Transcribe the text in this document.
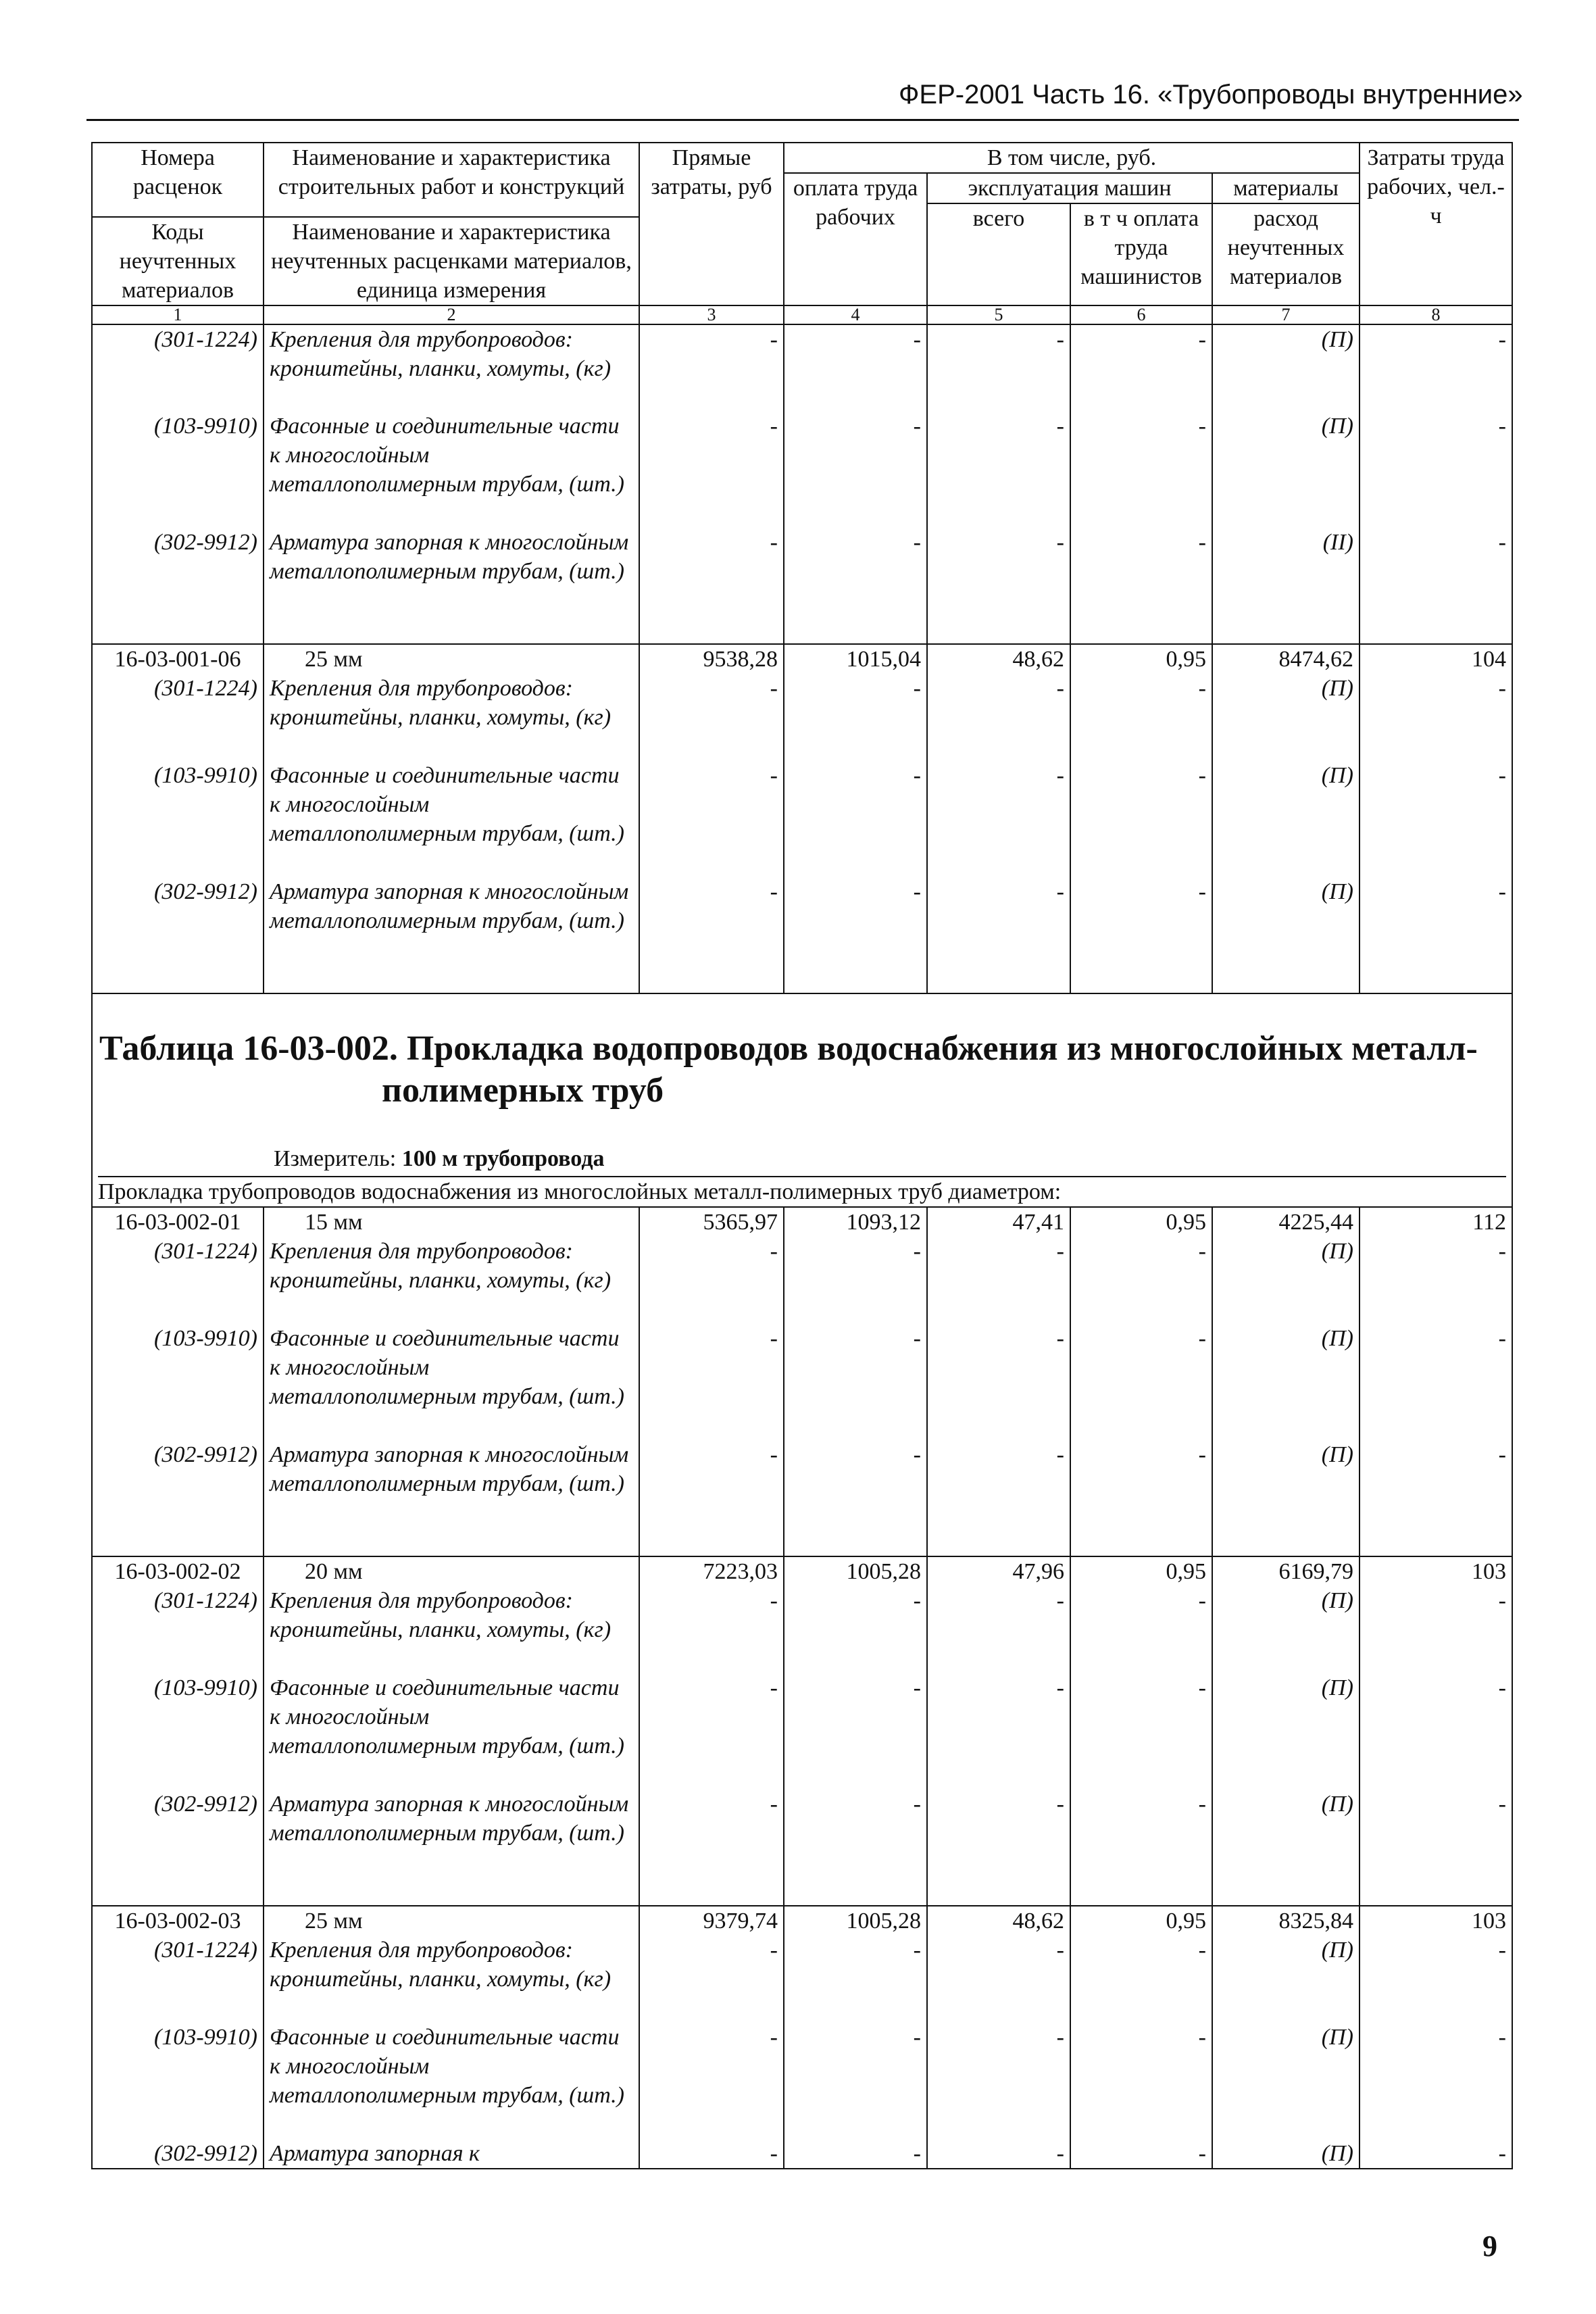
ФЕР-2001 Часть 16. «Трубопроводы внутренние»
Номера расценок	Наименование и характеристика строительных работ и конструкций	Прямые затраты, руб	В том числе, руб.				Затраты труда рабочих, чел.-ч
			оплата труда рабочих	эксплуатация машин		материалы	
				всего	в т ч оплата труда машинистов	расход неучтенных материалов	
Коды неучтенных материалов	Наименование и характеристика неучтенных расценками материалов, единица измерения						

1	2	3	4	5	6	7	8
(301-1224)	Крепления для трубопроводов: кронштейны, планки, хомуты, (кг)	-	-	-	-	(П)	-
(103-9910)	Фасонные и соединительные части к многослойным металлополимерным трубам, (шт.)	-	-	-	-	(П)	-
(302-9912)	Арматура запорная к многослойным металлополимерным трубам, (шт.)	-	-	-	-	(II)	-
16-03-001-06	25 мм	9538,28	1015,04	48,62	0,95	8474,62	104
(301-1224)	Крепления для трубопроводов: кронштейны, планки, хомуты, (кг)	-	-	-	-	(П)	-
(103-9910)	Фасонные и соединительные части к многослойным металлополимерным трубам, (шт.)	-	-	-	-	(П)	-
(302-9912)	Арматура запорная к многослойным металлополимерным трубам, (шт.)	-	-	-	-	(П)	-

Таблица 16-03-002. Прокладка водопроводов водоснабжения из многослойных металл-
полимерных труб
Измеритель: 100 м трубопровода							

Прокладка трубопроводов водоснабжения из многослойных металл-полимерных труб диаметром:							
16-03-002-01	15 мм	5365,97	1093,12	47,41	0,95	4225,44	112
(301-1224)	Крепления для трубопроводов: кронштейны, планки, хомуты, (кг)	-	-	-	-	(П)	-
(103-9910)	Фасонные и соединительные части к многослойным металлополимерным трубам, (шт.)	-	-	-	-	(П)	-
(302-9912)	Арматура запорная к многослойным металлополимерным трубам, (шт.)	-	-	-	-	(П)	-
16-03-002-02	20 мм	7223,03	1005,28	47,96	0,95	6169,79	103
(301-1224)	Крепления для трубопроводов: кронштейны, планки, хомуты, (кг)	-	-	-	-	(П)	-
(103-9910)	Фасонные и соединительные части к многослойным металлополимерным трубам, (шт.)	-	-	-	-	(П)	-
(302-9912)	Арматура запорная к многослойным металлополимерным трубам, (шт.)	-	-	-	-	(П)	-
16-03-002-03	25 мм	9379,74	1005,28	48,62	0,95	8325,84	103
(301-1224)	Крепления для трубопроводов: кронштейны, планки, хомуты, (кг)	-	-	-	-	(П)	-
(103-9910)	Фасонные и соединительные части к многослойным металлополимерным трубам, (шт.)	-	-	-	-	(П)	-
(302-9912)	Арматура запорная к	-	-	-	-	(П)	-
9
